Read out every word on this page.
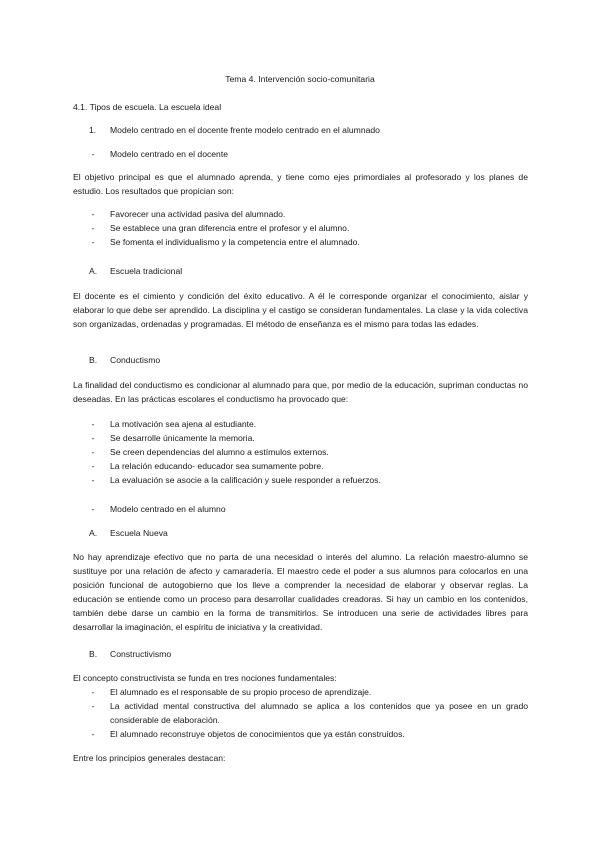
Tema 4. Intervención socio-comunitaria
4.1. Tipos de escuela. La escuela ideal
1. Modelo centrado en el docente frente modelo centrado en el alumnado
- Modelo centrado en el docente

El objetivo principal es que el alumnado aprenda, y tiene como ejes primordiales al profesorado y los planes de estudio. Los resultados que propician son:

- Favorecer una actividad pasiva del alumnado.
- Se establece una gran diferencia entre el profesor y el alumno.
- Se fomenta el individualismo y la competencia entre el alumnado.
A. Escuela tradicional

El docente es el cimiento y condición del éxito educativo. A él le corresponde organizar el conocimiento, aislar y elaborar lo que debe ser aprendido. La disciplina y el castigo se consideran fundamentales. La clase y la vida colectiva son organizadas, ordenadas y programadas. El método de enseñanza es el mismo para todas las edades.

B. Conductismo

La finalidad del conductismo es condicionar al alumnado para que, por medio de la educación, supriman conductas no deseadas. En las prácticas escolares el conductismo ha provocado que:

- La motivación sea ajena al estudiante.
- Se desarrolle únicamente la memoria.
- Se creen dependencias del alumno a estímulos externos.
- La relación educando- educador sea sumamente pobre.
- La evaluación se asocie a la calificación y suele responder a refuerzos.
- Modelo centrado en el alumno
A. Escuela Nueva

No hay aprendizaje efectivo que no parta de una necesidad o interés del alumno. La relación maestro-alumno se sustituye por una relación de afecto y camaradería. El maestro cede el poder a sus alumnos para colocarlos en una posición funcional de autogobierno que los lleve a comprender la necesidad de elaborar y observar reglas. La educación se entiende como un proceso para desarrollar cualidades creadoras. Si hay un cambio en los contenidos, también debe darse un cambio en la forma de transmitirlos. Se introducen una serie de actividades libres para desarrollar la imaginación, el espíritu de iniciativa y la creatividad.

B. Constructivismo
El concepto constructivista se funda en tres nociones fundamentales:
- El alumnado es el responsable de su propio proceso de aprendizaje.
- La actividad mental constructiva del alumnado se aplica a los contenidos que ya posee en un grado considerable de elaboración.
- El alumnado reconstruye objetos de conocimientos que ya están construidos.
Entre los principios generales destacan:
